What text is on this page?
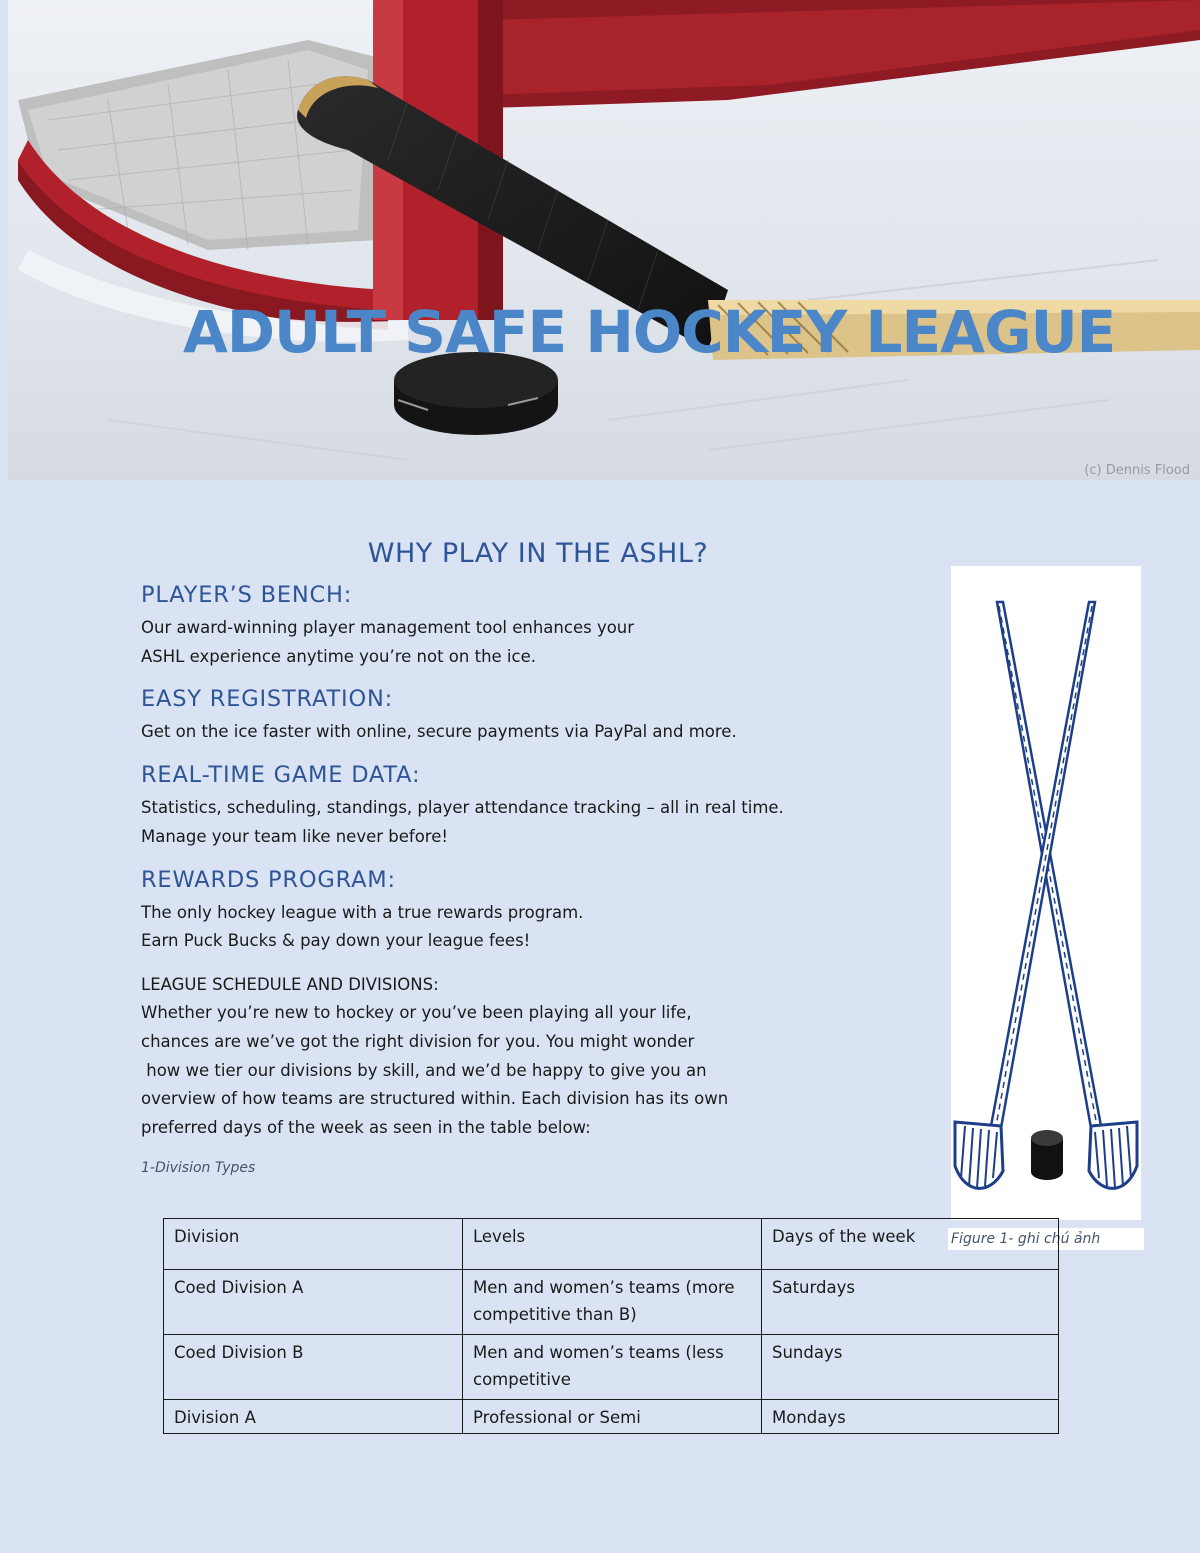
ADULT SAFE HOCKEY LEAGUE
(c) Dennis Flood
WHY PLAY IN THE ASHL?
PLAYER’S BENCH:

Our award-winning player management tool enhances your

ASHL experience anytime you’re not on the ice.

EASY REGISTRATION:

Get on the ice faster with online, secure payments via PayPal and more.

REAL-TIME GAME DATA:

Statistics, scheduling, standings, player attendance tracking – all in real time.

Manage your team like never before!

REWARDS PROGRAM:

The only hockey league with a true rewards program.

Earn Puck Bucks & pay down your league fees!

LEAGUE SCHEDULE AND DIVISIONS:

Whether you’re new to hockey or you’ve been playing all your life,

chances are we’ve got the right division for you. You might wonder

how we tier our divisions by skill, and we’d be happy to give you an

overview of how teams are structured within. Each division has its own

preferred days of the week as seen in the table below:

1-Division Types
Figure 1- ghi chú ảnh
Division	Levels	Days of the week
Coed Division A	Men and women’s teams (more competitive than B)	Saturdays
Coed Division B	Men and women’s teams (less competitive	Sundays
Division A	Professional or Semi	Mondays
